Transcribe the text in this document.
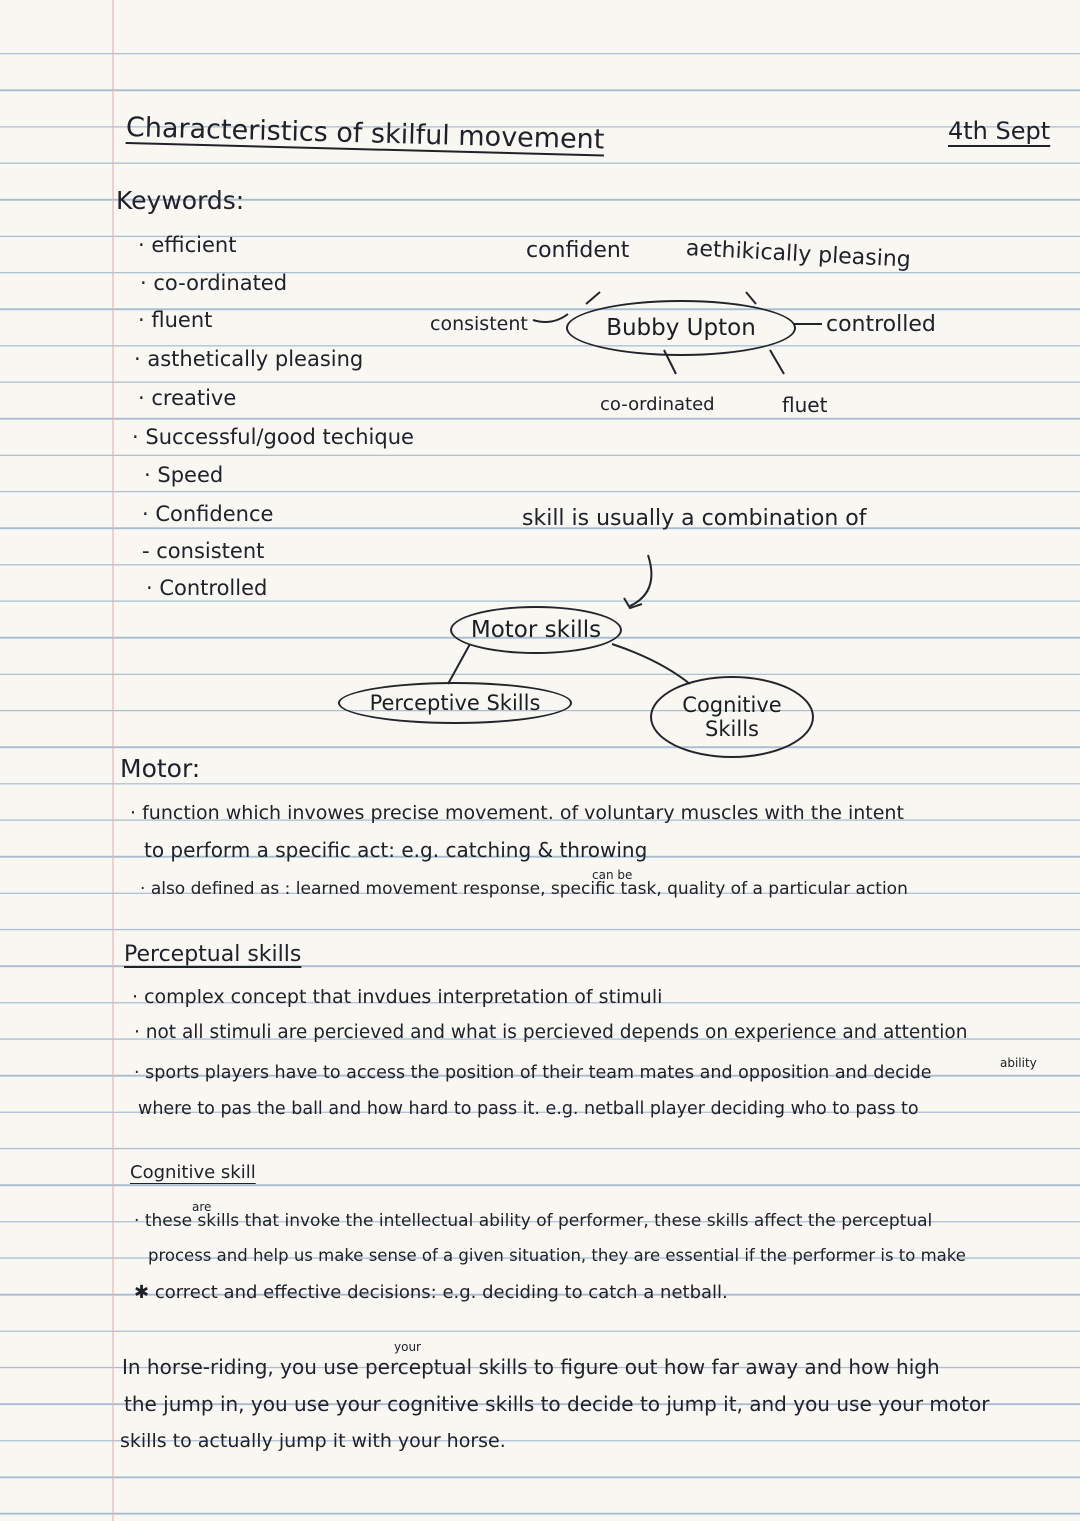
Characteristics of skilful movement	4th Sept
Keywords:
· efficient
· co-ordinated
· fluent
· asthetically pleasing
· creative
· Successful/good techique
· Speed
· Confidence
- consistent
· Controlled
confident	aethikically pleasing
consistent	Bubby Upton	controlled
co-ordinated	fluet
skill is usually a combination of
Motor skills
Perceptive Skills	Cognitive
Skills
Motor:
· function which invowes precise movement. of voluntary muscles with the intent
to perform a specific act: e.g. catching & throwing
can be
· also defined as : learned movement response, specific task, quality of a particular action
Perceptual skills
· complex concept that invdues interpretation of stimuli
· not all stimuli are percieved and what is percieved depends on experience and attention
ability
· sports players have to access the position of their team mates and opposition and decide
where to pas the ball and how hard to pass it. e.g. netball player deciding who to pass to
Cognitive skill
are
· these skills that invoke the intellectual ability of performer, these skills affect the perceptual
process and help us make sense of a given situation, they are essential if the performer is to make
✱ correct and effective decisions: e.g. deciding to catch a netball.
your
In horse-riding, you use perceptual skills to figure out how far away and how high
the jump in, you use your cognitive skills to decide to jump it, and you use your motor
skills to actually jump it with your horse.
